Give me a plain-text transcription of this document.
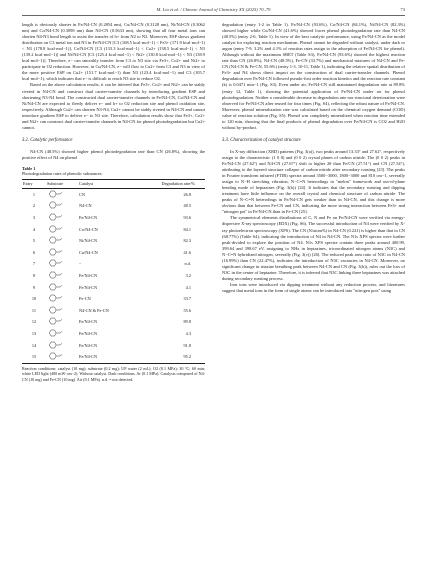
M. Liu et al. / Chinese Journal of Chemistry XX (2025) 70–79	73

length is obviously shorter in Fe/N4-CN (0.2854 nm), Cu/N4-CN (0.3128 nm), Ni/N4-CN (0.3062 nm) and Co/N4-CN (0.3098 nm) than N4-CN (0.5633 nm), showing that all four metal ions can shorten N4-N3 bond length to assist the transfer of h+ from N2 to N3. Moreover, ESP shows gradient distribution on C3 metal ion and N3 in Fe/N4-CN [C3 (168.5 kcal·mol−1) < Fe3+ (171.9 kcal·mol−1) < N3 (178.8 kcal·mol−1)], Co/N4-CN [C3 (133.3 kcal·mol−1) < Co2+ (138.5 kcal·mol−1) < N3 (139.2 kcal·mol−1)] and Ni/N4-CN [C3 (125.4 kcal·mol−1) < Ni2+ (130.8 kcal·mol−1) < N3 (138.9 kcal·mol−1)]. Therefore, e− can smoothly transfer from C3 to N3 site via Fe3+, Co2+ and Ni2+ to participate in O2 reduction. However, in Cu/N4-CN, e− will flow to Cu2+ from C3 and N3 in view of the more positive ESP on Cu2+ (151.7 kcal·mol−1) than N3 (123.4 kcal·mol−1) and C3 (105.7 kcal·mol−1), which indicates that e− is difficult to reach N3 site to reduce O2.

Based on the above calculation results, it can be inferred that Fe3+, Co2+ and Ni2+ can be stably riveted in N4-CN and construct dual carrier-transfer channels by introducing gradient ESP and shortening N3-N4 bond. The constructed dual carrier-transfer channels in Fe/N4-CN, Co/N4-CN and Ni/N4-CN are expected to fleetly deliver e− and h+ to O2 reduction site and phenol oxidation site, respectively. Although Cu2+ can shorten N3-N4, Cu2+ cannot be stably riveted in N4-CN and cannot introduce gradient ESP to deliver e− to N3 site. Therefore, calculation results show that Fe3+, Co2+ and Ni2+ can construct dual carrier-transfer channels in N4-CN for phenol photodegradation but Cu2+ cannot.

3.2. Catalytic performance

N4-CN (48.5%) showed higher phenol photodegradation rate than CN (26.8%), showing the positive effect of N4 on phenol

Table 1
Photodegradation rates of phenolic substances.
Entry	Substrate	Catalyst	Degradation rate/%
1		CN	26.8
2		N4-CN	48.5
3		Fe/N4-CN	93.6
4		Co/N4-CN	84.1
5		Ni/N4-CN	82.3
6		Cu/N4-CN	41.6
7		−	n.d.
8		Fe/N4-CN	3.2
9		Fe/N4-CN	4.1
10		Fe-CN	33.7
11		N4-CN & Fe-CN	55.6
12		Fe/N4-CN	89.8
13		Fe/N4-CN	4.3
14		Fe/N4-CN	91.8
15		Fe/N4-CN	95.2
Reaction conditions: catalyst (10 mg); substrate (0.2 mg); UP water (2 mL); O2 (0.1 MPa); 30 °C; 60 min; white LED light (400 mW·cm−2). Without catalyst. Dark conditions. Ar (0.1 MPa). Catalysts composed of N4-CN (10 mg) and Fe-CN (10 mg). Air (0.1 MPa). n.d. = not detected.

degradation (entry 1-2 in Table 1). Fe/N4-CN (93.6%), Co/N4-CN (84.1%), Ni/N4-CN (82.3%) showed higher while Cu/N4-CN (41.6%) showed lower phenol photodegradation rate than N4-CN (48.5%) (entry 2-6, Table 1). In view of the best catalytic performance, using Fe/N4-CN as the model catalyst for exploring reaction mechanism. Phenol cannot be degraded without catalyst, under dark or argon (entry 7-9, 3.2% and 4.1% of reaction rates assign to the adsorption of Fe/N4-CN for phenol). Although without the maximum SBET (Table S3), Fe/N4-CN (93.6%) showed the highest reaction rate than CN (26.8%), N4-CN (48.5%), Fe-CN (33.7%) and mechanical mixtures of N4-CN and Fe-CN (N4-CN & Fe-CN, 55.6%) (entry 1-3, 10-11, Table 1), indicating the relative spatial distribution of Fe3+ and N4 shows direct impact on the construction of dual carrier-transfer channels. Phenol degradation over Fe/N4-CN followed pseudo-first order reaction kinetics and the reaction rate constant (k) is 0.0471 min−1 (Fig. S3). Even under air, Fe/N4-CN still maintained degradation rate at 89.8% (entry 12, Table 1), showing the potential application of Fe/N4-CN under air for phenol photodegradation. Neither a considerable decrease in degradation rate nor structural deterioration were observed for Fe/N4-CN after reused for four times (Fig. S4), reflecting the robust nature of Fe/N4-CN. Moreover, phenol mineralization rate was calculated based on the chemical oxygen demand (COD) value of reaction solution (Fig. S5). Phenol was completely mineralized when reaction time extended to 120 min, showing that the final products of phenol degradation over Fe/N4-CN is CO2 and H2O without by-product.

3.3. Characterization of catalyst structure

In X-ray diffraction (XRD) patterns (Fig. 3(a)), two peaks around 13.33° and 27.62°, respectively assign to the characteristic (1 0 0) and (0 0 2) crystal planes of carbon nitride. The (0 0 2) peaks in Fe/N4-CN (27.62°) and N4-CN (27.67°) shift to higher 2θ than Fe/CN (27.51°) and CN (27.54°), attributing to the layered structure collapse of carbon nitride after secondary roasting [23]. The peaks in Fourier transform infrared (FTIR) spectra around 3500−3000, 1800−3000 and 810 cm−1, severally assign to N−H stretching vibration, N−C=N heterodings in "melon" framework and out-of-plane bending mode of heptazines (Fig. 3(b)) [24]. It indicates that the secondary roasting and dipping treatment have little influence on the overall crystal and chemical structure of carbon nitride. The peaks of N−C=N heterodings in Fe/N4-CN gets weaker than in N4-CN, and this change is more obvious than that between Fe-CN and CN, indicating the more strong interaction between Fe3+ and "nitrogen pot" in Fe/N4-CN than in Fe-CN [25].

The symmetrical elements distributions of C, N and Fe on Fe/N4-CN were verified via energy-dispersive X-ray spectroscopy (EDX) (Fig. S6). The successful introduction of N4 were verified by X-ray photoelectron spectroscopy (XPS). The CN (N/atom%) in N4-CN (0.221) is higher than that in CN (68.77%) (Table S4), indicating the introduction of N4 in N4-CN. The N1s XPS spectra were further peak-divided to explore the position of N4. N1s XPS spectra contain three peaks around 400.99, 399.64 and 398.67 eV, assigning to NHx in heptazines, tricoordinated nitrogen atoms (N3C) and N−C=N hybridized nitrogen, severally (Fig. 3(c)) [26]. The reduced peak area ratio of N3C in N4-CN (16.99%) than CN (22.47%), indicates the introduction of N3C vacancies in N4-CN. Moreover, no significant change in triazine breathing peak between N4-CN and CN (Fig. 3(b)), rules out the loss of N3C in the center of heptazine. Therefore, it is inferred that N3C linking three heptazines was attached during secondary roasting process.

Iron ions were introduced via dipping treatment without any reduction process, and literatures suggest that metal ions in the form of single atoms can be introduced into "nitrogen pots" using
